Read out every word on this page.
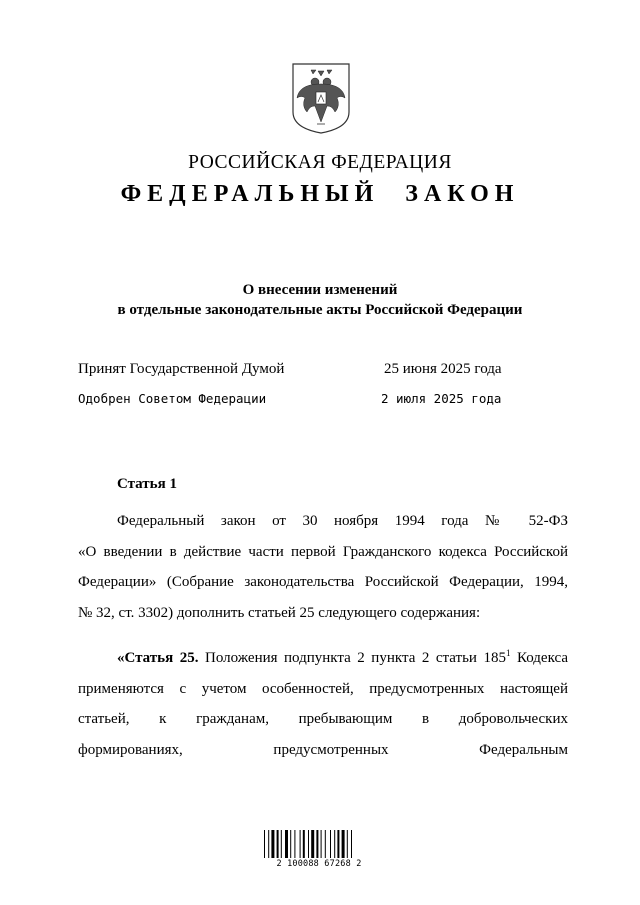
РОССИЙСКАЯ ФЕДЕРАЦИЯ
ФЕДЕРАЛЬНЫЙ ЗАКОН
О внесении изменений
в отдельные законодательные акты Российской Федерации
Принят Государственной Думой	25 июня 2025 года
Одобрен Советом Федерации	2 июля 2025 года
Статья 1
Федеральный закон от 30 ноября 1994 года № 52-ФЗ
«О введении в действие части первой Гражданского кодекса Российской
Федерации» (Собрание законодательства Российской Федерации, 1994,
№ 32, ст. 3302) дополнить статьей 25 следующего содержания:
«Статья 25. Положения подпункта 2 пункта 2 статьи $185^1$ Кодекса
применяются с учетом особенностей, предусмотренных настоящей
статьей, к гражданам, пребывающим в добровольческих
формированиях, предусмотренных Федеральным
2 100088 67268 2
